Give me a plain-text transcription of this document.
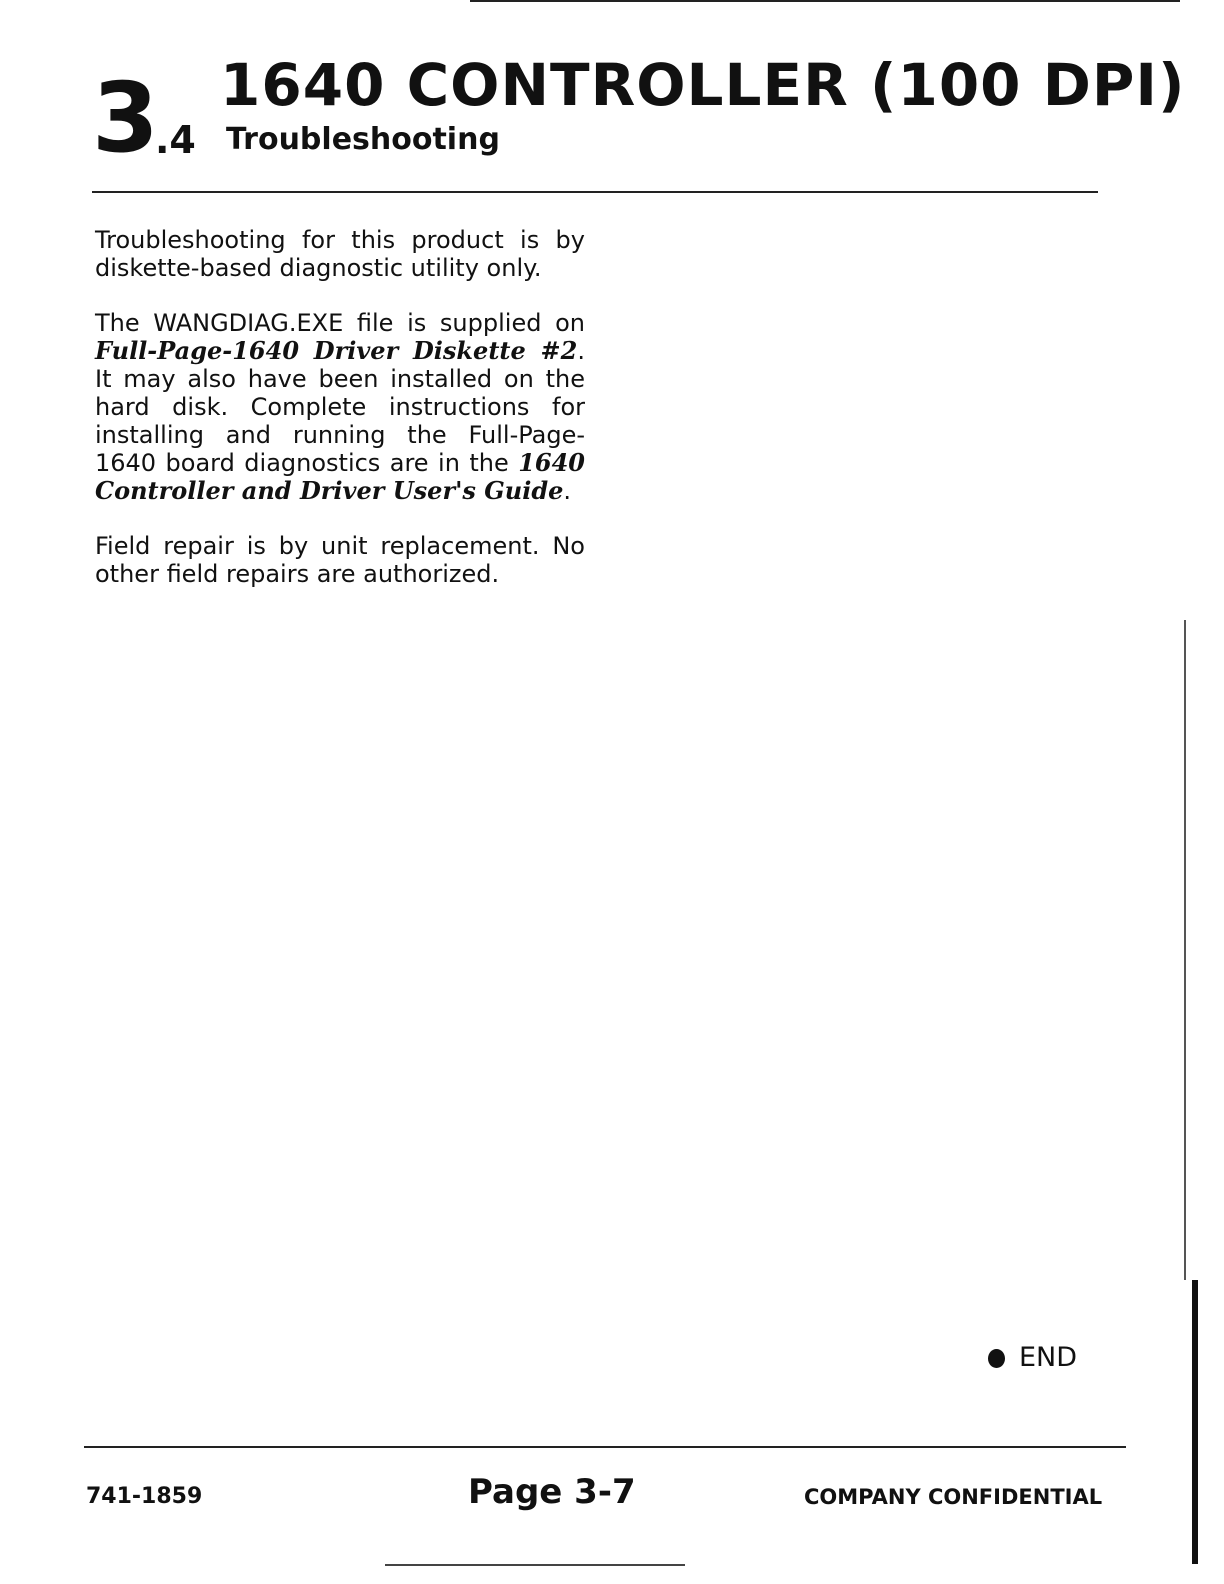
3
.4
1640 CONTROLLER (100 DPI)
Troubleshooting

Troubleshooting for this product is by diskette-based diagnostic utility only.

The WANGDIAG.EXE file is supplied on Full-Page-1640 Driver Diskette #2. It may also have been installed on the hard disk. Complete instructions for installing and running the Full-Page-1640 board diagnostics are in the 1640 Controller and Driver User's Guide.

Field repair is by unit replacement. No other field repairs are authorized.

END
741-1859	Page 3-7	COMPANY CONFIDENTIAL
